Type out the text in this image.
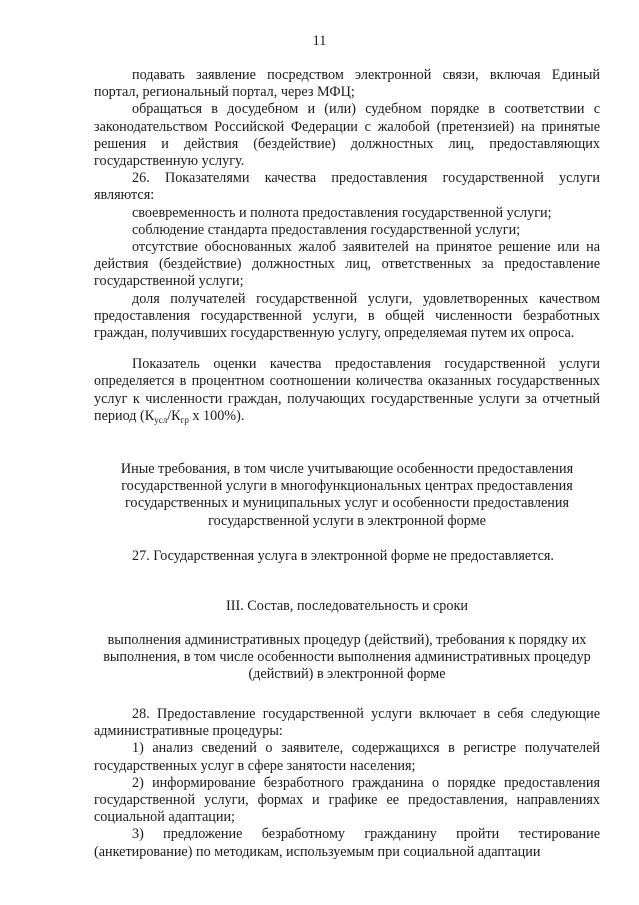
11

подавать заявление посредством электронной связи, включая Единый портал, региональный портал, через МФЦ;

обращаться в досудебном и (или) судебном порядке в соответствии с законодательством Российской Федерации с жалобой (претензией) на принятые решения и действия (бездействие) должностных лиц, предоставляющих государственную услугу.

26. Показателями качества предоставления государственной услуги являются:

своевременность и полнота предоставления государственной услуги;

соблюдение стандарта предоставления государственной услуги;

отсутствие обоснованных жалоб заявителей на принятое решение или на действия (бездействие) должностных лиц, ответственных за предоставление государственной услуги;

доля получателей государственной услуги, удовлетворенных качеством предоставления государственной услуги, в общей численности безработных граждан, получивших государственную услугу, определяемая путем их опроса.

Показатель оценки качества предоставления государственной услуги определяется в процентном соотношении количества оказанных государственных услуг к численности граждан, получающих государственные услуги за отчетный период ($К_{усл}/К_{гр}$ x 100%).

Иные требования, в том числе учитывающие особенности предоставления государственной услуги в многофункциональных центрах предоставления государственных и муниципальных услуг и особенности предоставления государственной услуги в электронной форме

27. Государственная услуга в электронной форме не предоставляется.

III. Состав, последовательность и сроки

выполнения административных процедур (действий), требования к порядку их выполнения, в том числе особенности выполнения административных процедур (действий) в электронной форме

28. Предоставление государственной услуги включает в себя следующие административные процедуры:

1) анализ сведений о заявителе, содержащихся в регистре получателей государственных услуг в сфере занятости населения;

2) информирование безработного гражданина о порядке предоставления государственной услуги, формах и графике ее предоставления, направлениях социальной адаптации;

3) предложение безработному гражданину пройти тестирование (анкетирование) по методикам, используемым при социальной адаптации
